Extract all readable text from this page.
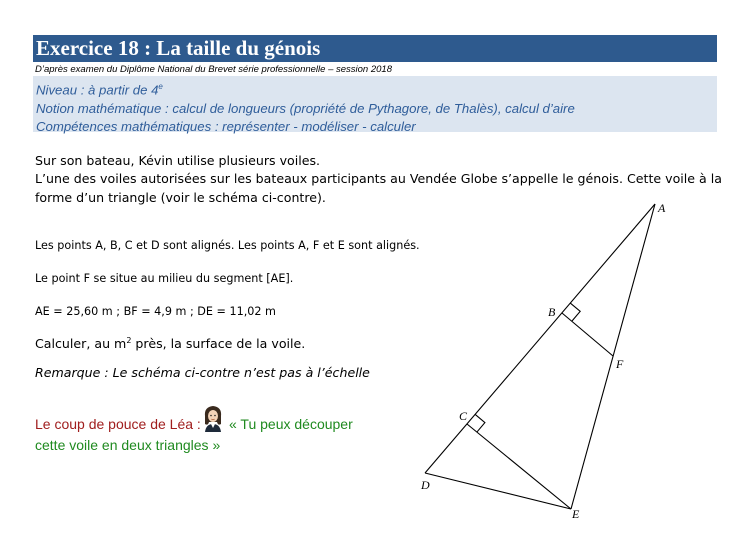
Exercice 18 : La taille du génois
D’après examen du Diplôme National du Brevet série professionnelle – session 2018
Niveau : à partir de 4e
Notion mathématique : calcul de longueurs (propriété de Pythagore, de Thalès), calcul d’aire
Compétences mathématiques : représenter - modéliser - calculer
Sur son bateau, Kévin utilise plusieurs voiles.
L’une des voiles autorisées sur les bateaux participants au Vendée Globe s’appelle le génois. Cette voile à la
forme d’un triangle (voir le schéma ci-contre).
Les points A, B, C et D sont alignés. Les points A, F et E sont alignés.
Le point F se situe au milieu du segment [AE].
AE = 25,60 m ; BF = 4,9 m ; DE = 11,02 m
Calculer, au $m^2$ près, la surface de la voile.
Remarque : Le schéma ci-contre n’est pas à l’échelle
Le coup de pouce de Léa : « Tu peux découper
cette voile en deux triangles »
A
B
C
D
E
F
